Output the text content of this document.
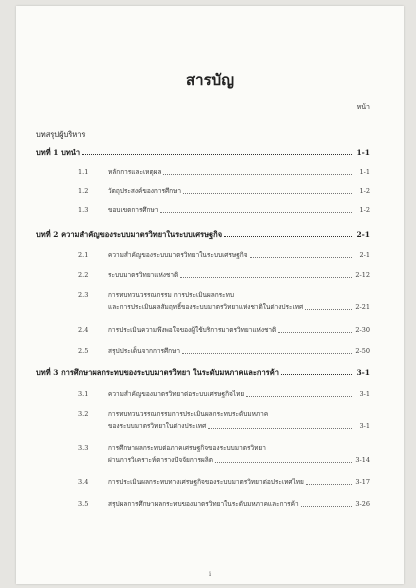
สารบัญ
หน้า
บทสรุปผู้บริหาร
บทที่ 1 บทนำ	1-1
1.1	หลักการและเหตุผล	1-1
1.2	วัตถุประสงค์ของการศึกษา	1-2
1.3	ขอบเขตการศึกษา	1-2
บทที่ 2 ความสำคัญของระบบมาตรวิทยาในระบบเศรษฐกิจ	2-1
2.1	ความสำคัญของระบบมาตรวิทยาในระบบเศรษฐกิจ	2-1
2.2	ระบบมาตรวิทยาแห่งชาติ	2-12
2.3	การทบทวนวรรณกรรม การประเมินผลกระทบ
และการประเมินผลสัมฤทธิ์ของระบบมาตรวิทยาแห่งชาติในต่างประเทศ	2-21
2.4	การประเมินความพึงพอใจของผู้ใช้บริการมาตรวิทยาแห่งชาติ	2-30
2.5	สรุปประเด็นจากการศึกษา	2-50
บทที่ 3 การศึกษาผลกระทบของระบบมาตรวิทยา ในระดับมหภาคและการค้า	3-1
3.1	ความสำคัญของมาตรวิทยาต่อระบบเศรษฐกิจไทย	3-1
3.2	การทบทวนวรรณกรรมการประเมินผลกระทบระดับมหภาค
ของระบบมาตรวิทยาในต่างประเทศ	3-1
3.3	การศึกษาผลกระทบต่อภาคเศรษฐกิจของระบบมาตรวิทยา
ผ่านการวิเคราะห์ตารางปัจจัยการผลิต	3-14
3.4	การประเมินผลกระทบทางเศรษฐกิจของระบบมาตรวิทยาต่อประเทศไทย	3-17
3.5	สรุปผลการศึกษาผลกระทบของมาตรวิทยาในระดับมหภาคและการค้า	3-26
i
